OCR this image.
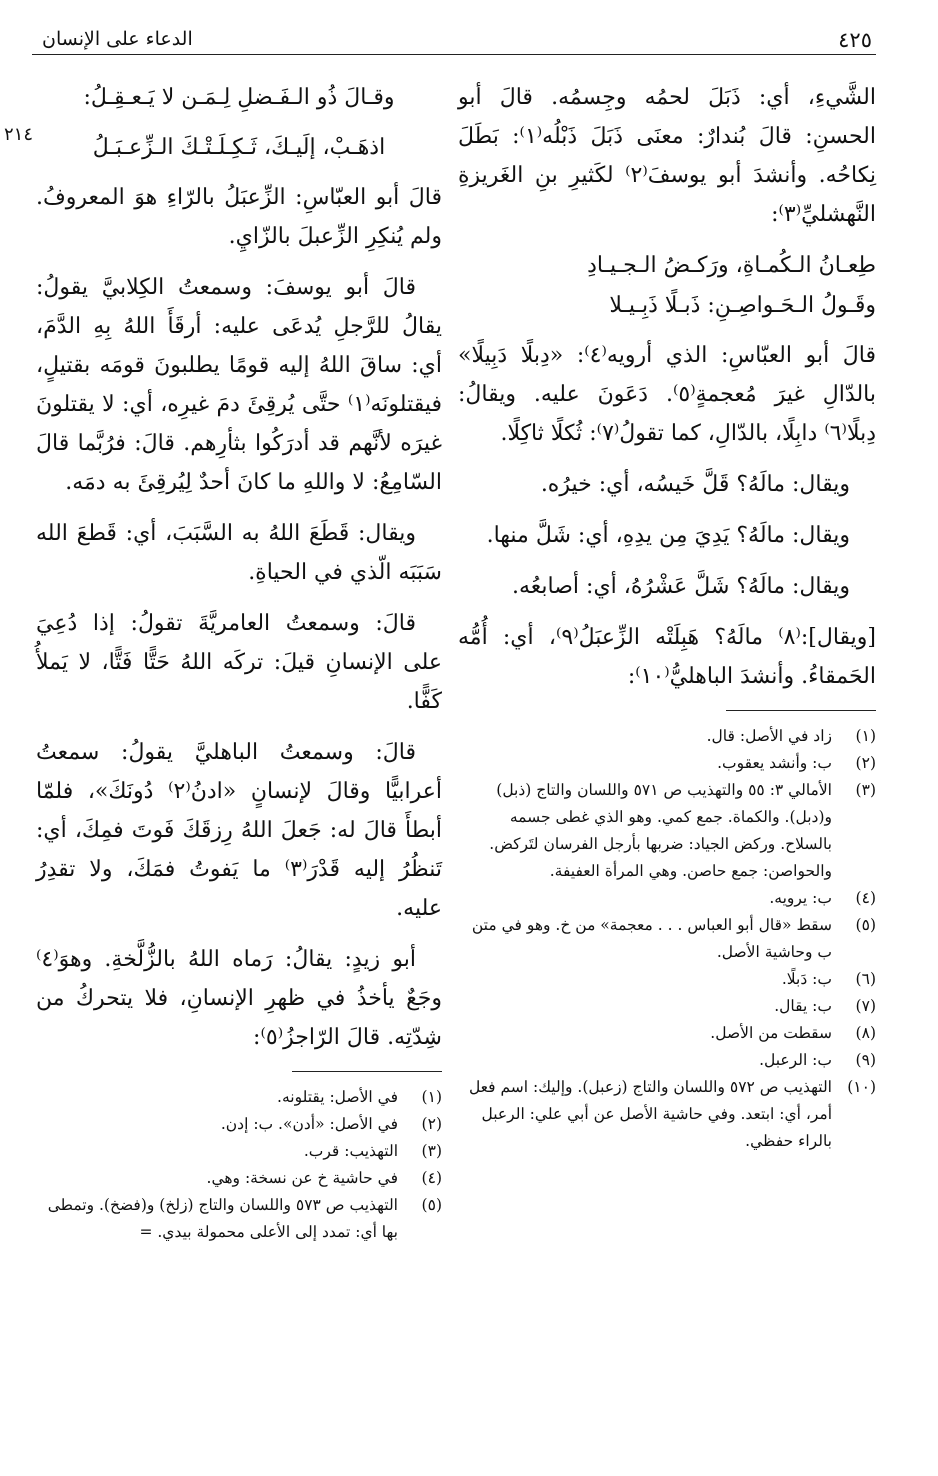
الدعاء على الإنسان	٤٢٥
٢١٤

الشَّيءِ، أي: ذَبَلَ لحمُه وجِسمُه. قالَ أبو الحسنِ: قالَ بُندارٌ: معنَى ذَبَلَ ذَبْلُه⁽١⁾: بَطَلَ نِكاحُه. وأنشدَ أبو يوسفَ⁽٢⁾ لكَثيرِ بنِ الغَريزةِ النَّهشليِّ⁽٣⁾:

طِعـانُ الـكُمـاةِ، ورَكـضُ الـجـيـادِ
وقَـولُ الـحَـواصِـنِ: ذَبـلًا ذَبِـيـلا

قالَ أبو العبّاسِ: الذي أرويه⁽٤⁾: «دِبلًا دَبِيلًا» بالدّالِ غيرَ مُعجمةٍ⁽٥⁾. دَعَونَ عليه. ويقالُ: دِبلًا⁽٦⁾ دابِلًا، بالدّالِ، كما تقولُ⁽٧⁾: ثُكلًا ثاكِلًا.

ويقال: مالَهُ؟ قَلَّ خَيسُه، أي: خيرُه.

ويقال: مالَهُ؟ يَدِيَ مِن يدِهِ، أي: شَلَّ منها.

ويقال: مالَهُ؟ شَلَّ عَشْرُهُ، أي: أصابعُه.

[ويقال]:⁽٨⁾ مالَهُ؟ هَبِلَتْه الزِّعبَلُ⁽٩⁾، أي: أُمُّه الحَمقاءُ. وأنشدَ الباهليُّ⁽١٠⁾:

(١)
زاد في الأصل: قال.
(٢)
ب: وأنشد يعقوب.
(٣)
الأمالي ٣: ٥٥ والتهذيب ص ٥٧١ واللسان والتاج (ذبل) و(دبل). والكماة. جمع كمي. وهو الذي غطى جسمه بالسلاح. وركض الجياد: ضربها بأرجل الفرسان لتَركض. والحواصن: جمع حاصن. وهي المرأة العفيفة.
(٤)
ب: يرويه.
(٥)
سقط «قال أبو العباس . . . معجمة» من خ. وهو في متن ب وحاشية الأصل.
(٦)
ب: دَبلًا.
(٧)
ب: يقال.
(٨)
سقطت من الأصل.
(٩)
ب: الرعبل.
(١٠)
التهذيب ص ٥٧٢ واللسان والتاج (زعبل). وإليك: اسم فعل أمر، أي: ابتعد. وفي حاشية الأصل عن أبي علي: الرعبل بالراء حفظي.
وقـالَ ذُو الـفَـضلِ لِـمَـن لا يَـعـقِـلُ:
اذهَـبْ، إلَيـكَ، ثَـكِـلَـتْـكَ الـزِّعـبَـلُ

قالَ أبو العبّاسِ: الزِّعبَلُ بالرّاءِ هوَ المعروفُ. ولم يُنكِرِ الزِّعبلَ بالزّايِ.

قالَ أبو يوسفَ: وسمعتُ الكِلابيَّ يقولُ: يقالُ للرَّجلِ يُدعَى عليه: أرقَأَ اللهُ بِهِ الدَّمَ، أي: ساقَ اللهُ إليه قومًا يطلبونَ قومَه بقتيلٍ، فيقتلونَه⁽١⁾ حتَّى يُرقِئَ دمَ غيرِه، أي: لا يقتلونَ غيرَه لأنَّهم قد أدرَكُوا بثأرِهم. قالَ: فرُبَّما قالَ السّامِعُ: لا واللهِ ما كانَ أحدٌ لِيُرقِئَ به دمَه.

ويقال: قَطَعَ اللهُ به السَّبَبَ، أي: قَطعَ الله سَبَبَه الّذي في الحياةِ.

قالَ: وسمعتُ العامريَّةَ تقولُ: إذا دُعِيَ على الإنسانِ قيلَ: تركَه اللهُ حَتًّا فَتًّا، لا يَملأُ كَفًّا.

قالَ: وسمعتُ الباهليَّ يقولُ: سمعتُ أعرابيًّا وقالَ لإنسانٍ «ادنُ⁽٢⁾ دُونَكَ»، فلمّا أبطأَ قالَ له: جَعلَ اللهُ رِزقَكَ فَوتَ فمِكَ، أي: تَنظُرُ إليه قَدْرَ⁽٣⁾ ما يَفوتُ فمَكَ، ولا تقدِرُ عليه.

أبو زيدٍ: يقالُ: رَماه اللهُ بالزُّلَّخةِ. وهوَ⁽٤⁾ وجَعٌ يأخذُ في ظهرِ الإنسانِ، فلا يتحركُ من شِدّتِه. قالَ الرّاجزُ⁽٥⁾:

(١)
في الأصل: يقتلونه.
(٢)
في الأصل: «أدن». ب: إدن.
(٣)
التهذيب: قرب.
(٤)
في حاشية خ عن نسخة: وهي.
(٥)
التهذيب ص ٥٧٣ واللسان والتاج (زلخ) و(فضخ). وتمطى بها أي: تمدد إلى الأعلى محمولة بيدي. =
